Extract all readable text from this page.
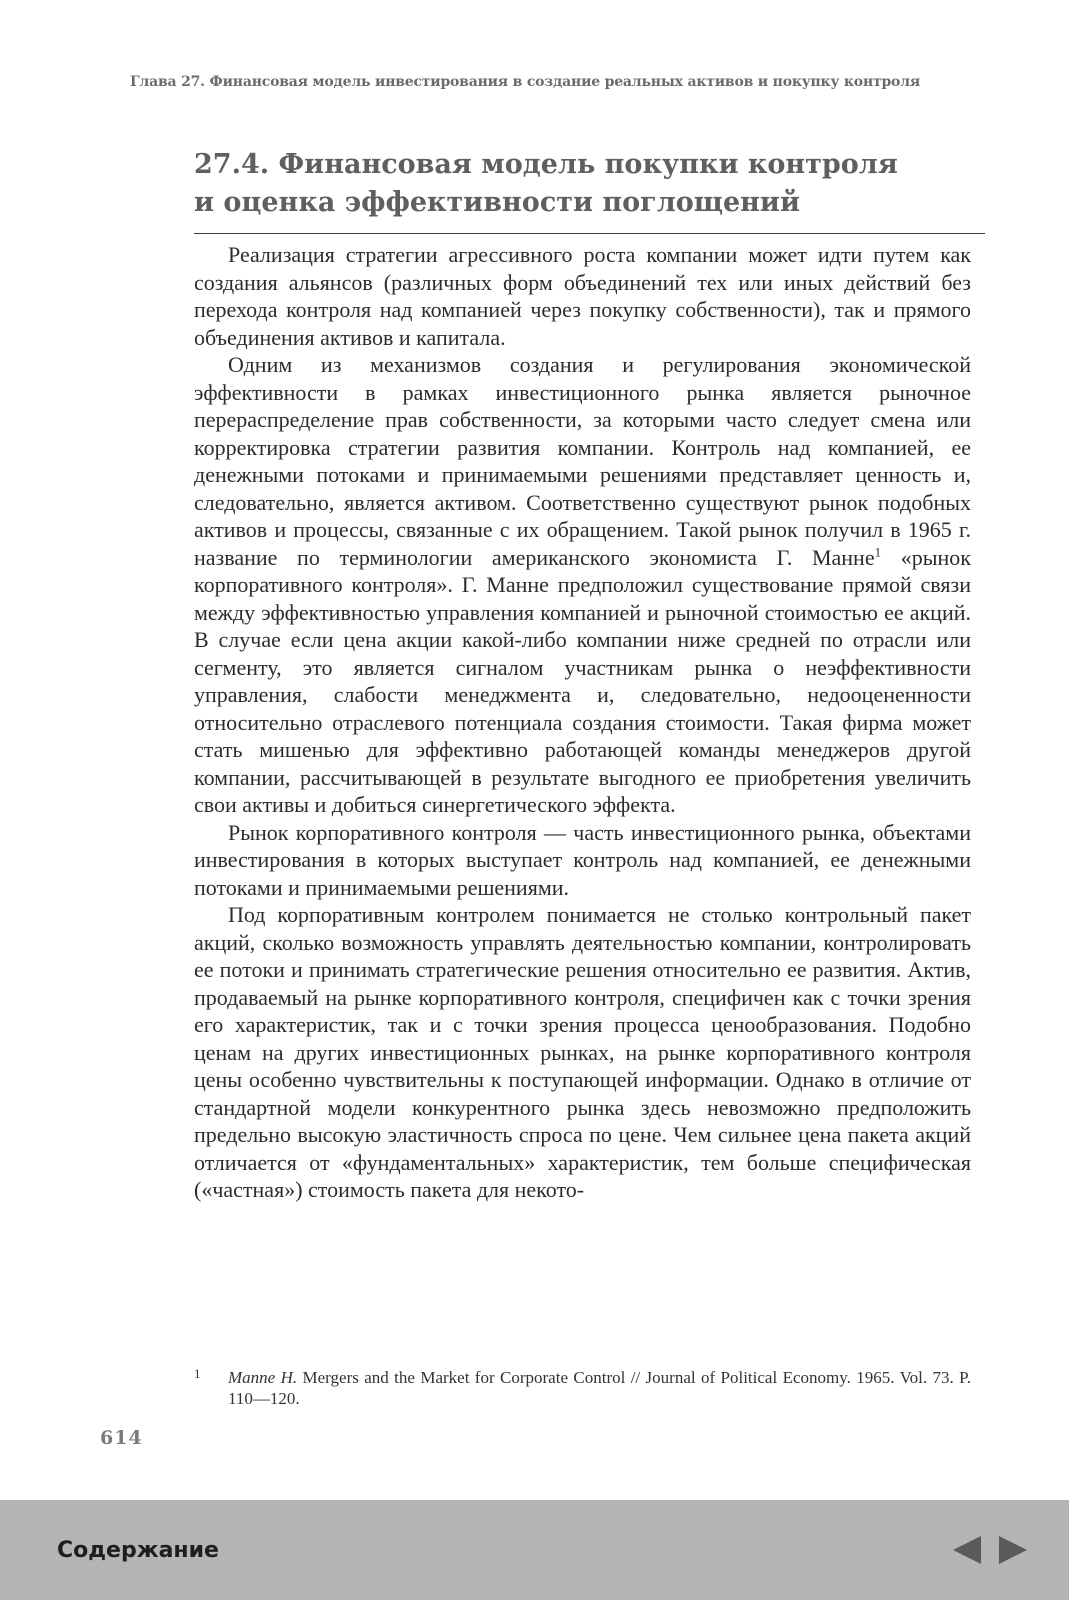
Глава 27. Финансовая модель инвестирования в создание реальных активов и покупку контроля
27.4. Финансовая модель покупки контроля
и оценка эффективности поглощений

Реализация стратегии агрессивного роста компании может идти путем как создания альянсов (различных форм объединений тех или иных действий без перехода контроля над компанией через покупку собственности), так и прямого объединения активов и капитала.

Одним из механизмов создания и регулирования экономической эффективности в рамках инвестиционного рынка является рыночное перераспределение прав собственности, за которыми часто следует смена или корректировка стратегии развития компании. Контроль над компанией, ее денежными потоками и принимаемыми решениями представляет ценность и, следовательно, является активом. Соответственно существуют рынок подобных активов и процессы, связанные с их обращением. Такой рынок получил в 1965 г. название по терминологии американского экономиста Г. Манне$^1$ «рынок корпоративного контроля». Г. Манне предположил существование прямой связи между эффективностью управления компанией и рыночной стоимостью ее акций. В случае если цена акции какой-либо компании ниже средней по отрасли или сегменту, это является сигналом участникам рынка о неэффективности управления, слабости менеджмента и, следовательно, недооцененности относительно отраслевого потенциала создания стоимости. Такая фирма может стать мишенью для эффективно работающей команды менеджеров другой компании, рассчитывающей в результате выгодного ее приобретения увеличить свои активы и добиться синергетического эффекта.

Рынок корпоративного контроля — часть инвестиционного рынка, объектами инвестирования в которых выступает контроль над компанией, ее денежными потоками и принимаемыми решениями.

Под корпоративным контролем понимается не столько контрольный пакет акций, сколько возможность управлять деятельностью компании, контролировать ее потоки и принимать стратегические решения относительно ее развития. Актив, продаваемый на рынке корпоративного контроля, специфичен как с точки зрения его характеристик, так и с точки зрения процесса ценообразования. Подобно ценам на других инвестиционных рынках, на рынке корпоративного контроля цены особенно чувствительны к поступающей информации. Однако в отличие от стандартной модели конкурентного рынка здесь невозможно предположить предельно высокую эластичность спроса по цене. Чем сильнее цена пакета акций отличается от «фундаментальных» характеристик, тем больше специфическая («частная») стоимость пакета для некото-

1 Manne H. Mergers and the Market for Corporate Control // Journal of Political Economy. 1965. Vol. 73. P. 110—120.
614
Содержание
